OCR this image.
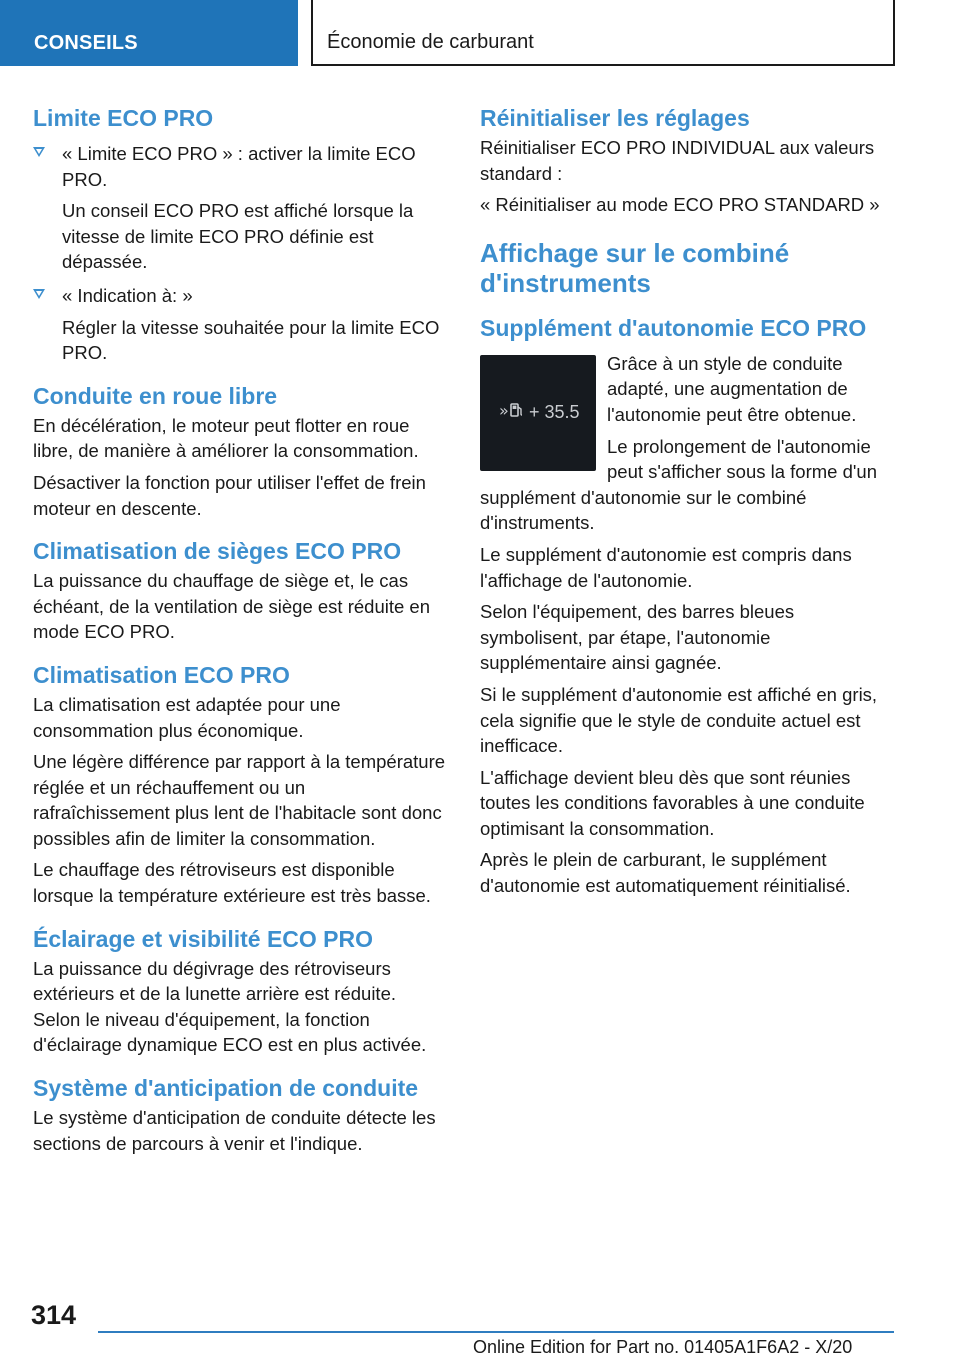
CONSEILS	Économie de carburant
Limite ECO PRO

« Limite ECO PRO » : activer la limite ECO PRO.

Un conseil ECO PRO est affiché lorsque la vitesse de limite ECO PRO définie est dépassée.

« Indication à: »

Régler la vitesse souhaitée pour la limite ECO PRO.

Conduite en roue libre

En décélération, le moteur peut flotter en roue libre, de manière à améliorer la consommation.

Désactiver la fonction pour utiliser l'effet de frein moteur en descente.

Climatisation de sièges ECO PRO

La puissance du chauffage de siège et, le cas échéant, de la ventilation de siège est réduite en mode ECO PRO.

Climatisation ECO PRO

La climatisation est adaptée pour une consommation plus économique.

Une légère différence par rapport à la température réglée et un réchauffement ou un rafraîchissement plus lent de l'habitacle sont donc possibles afin de limiter la consommation.

Le chauffage des rétroviseurs est disponible lorsque la température extérieure est très basse.

Éclairage et visibilité ECO PRO

La puissance du dégivrage des rétroviseurs extérieurs et de la lunette arrière est réduite. Selon le niveau d'équipement, la fonction d'éclairage dynamique ECO est en plus activée.

Système d'anticipation de conduite

Le système d'anticipation de conduite détecte les sections de parcours à venir et l'indique.

Réinitialiser les réglages

Réinitialiser ECO PRO INDIVIDUAL aux valeurs standard :

« Réinitialiser au mode ECO PRO STANDARD »

Affichage sur le combiné d'instruments
Supplément d'autonomie ECO PRO
»	+ 35.5

Grâce à un style de conduite adapté, une augmentation de l'autonomie peut être obtenue.

Le prolongement de l'autonomie peut s'afficher sous la forme d'un

supplément d'autonomie sur le combiné d'instruments.

Le supplément d'autonomie est compris dans l'affichage de l'autonomie.

Selon l'équipement, des barres bleues symbolisent, par étape, l'autonomie supplémentaire ainsi gagnée.

Si le supplément d'autonomie est affiché en gris, cela signifie que le style de conduite actuel est inefficace.

L'affichage devient bleu dès que sont réunies toutes les conditions favorables à une conduite optimisant la consommation.

Après le plein de carburant, le supplément d'autonomie est automatiquement réinitialisé.

314
Online Edition for Part no. 01405A1F6A2 - X/20
